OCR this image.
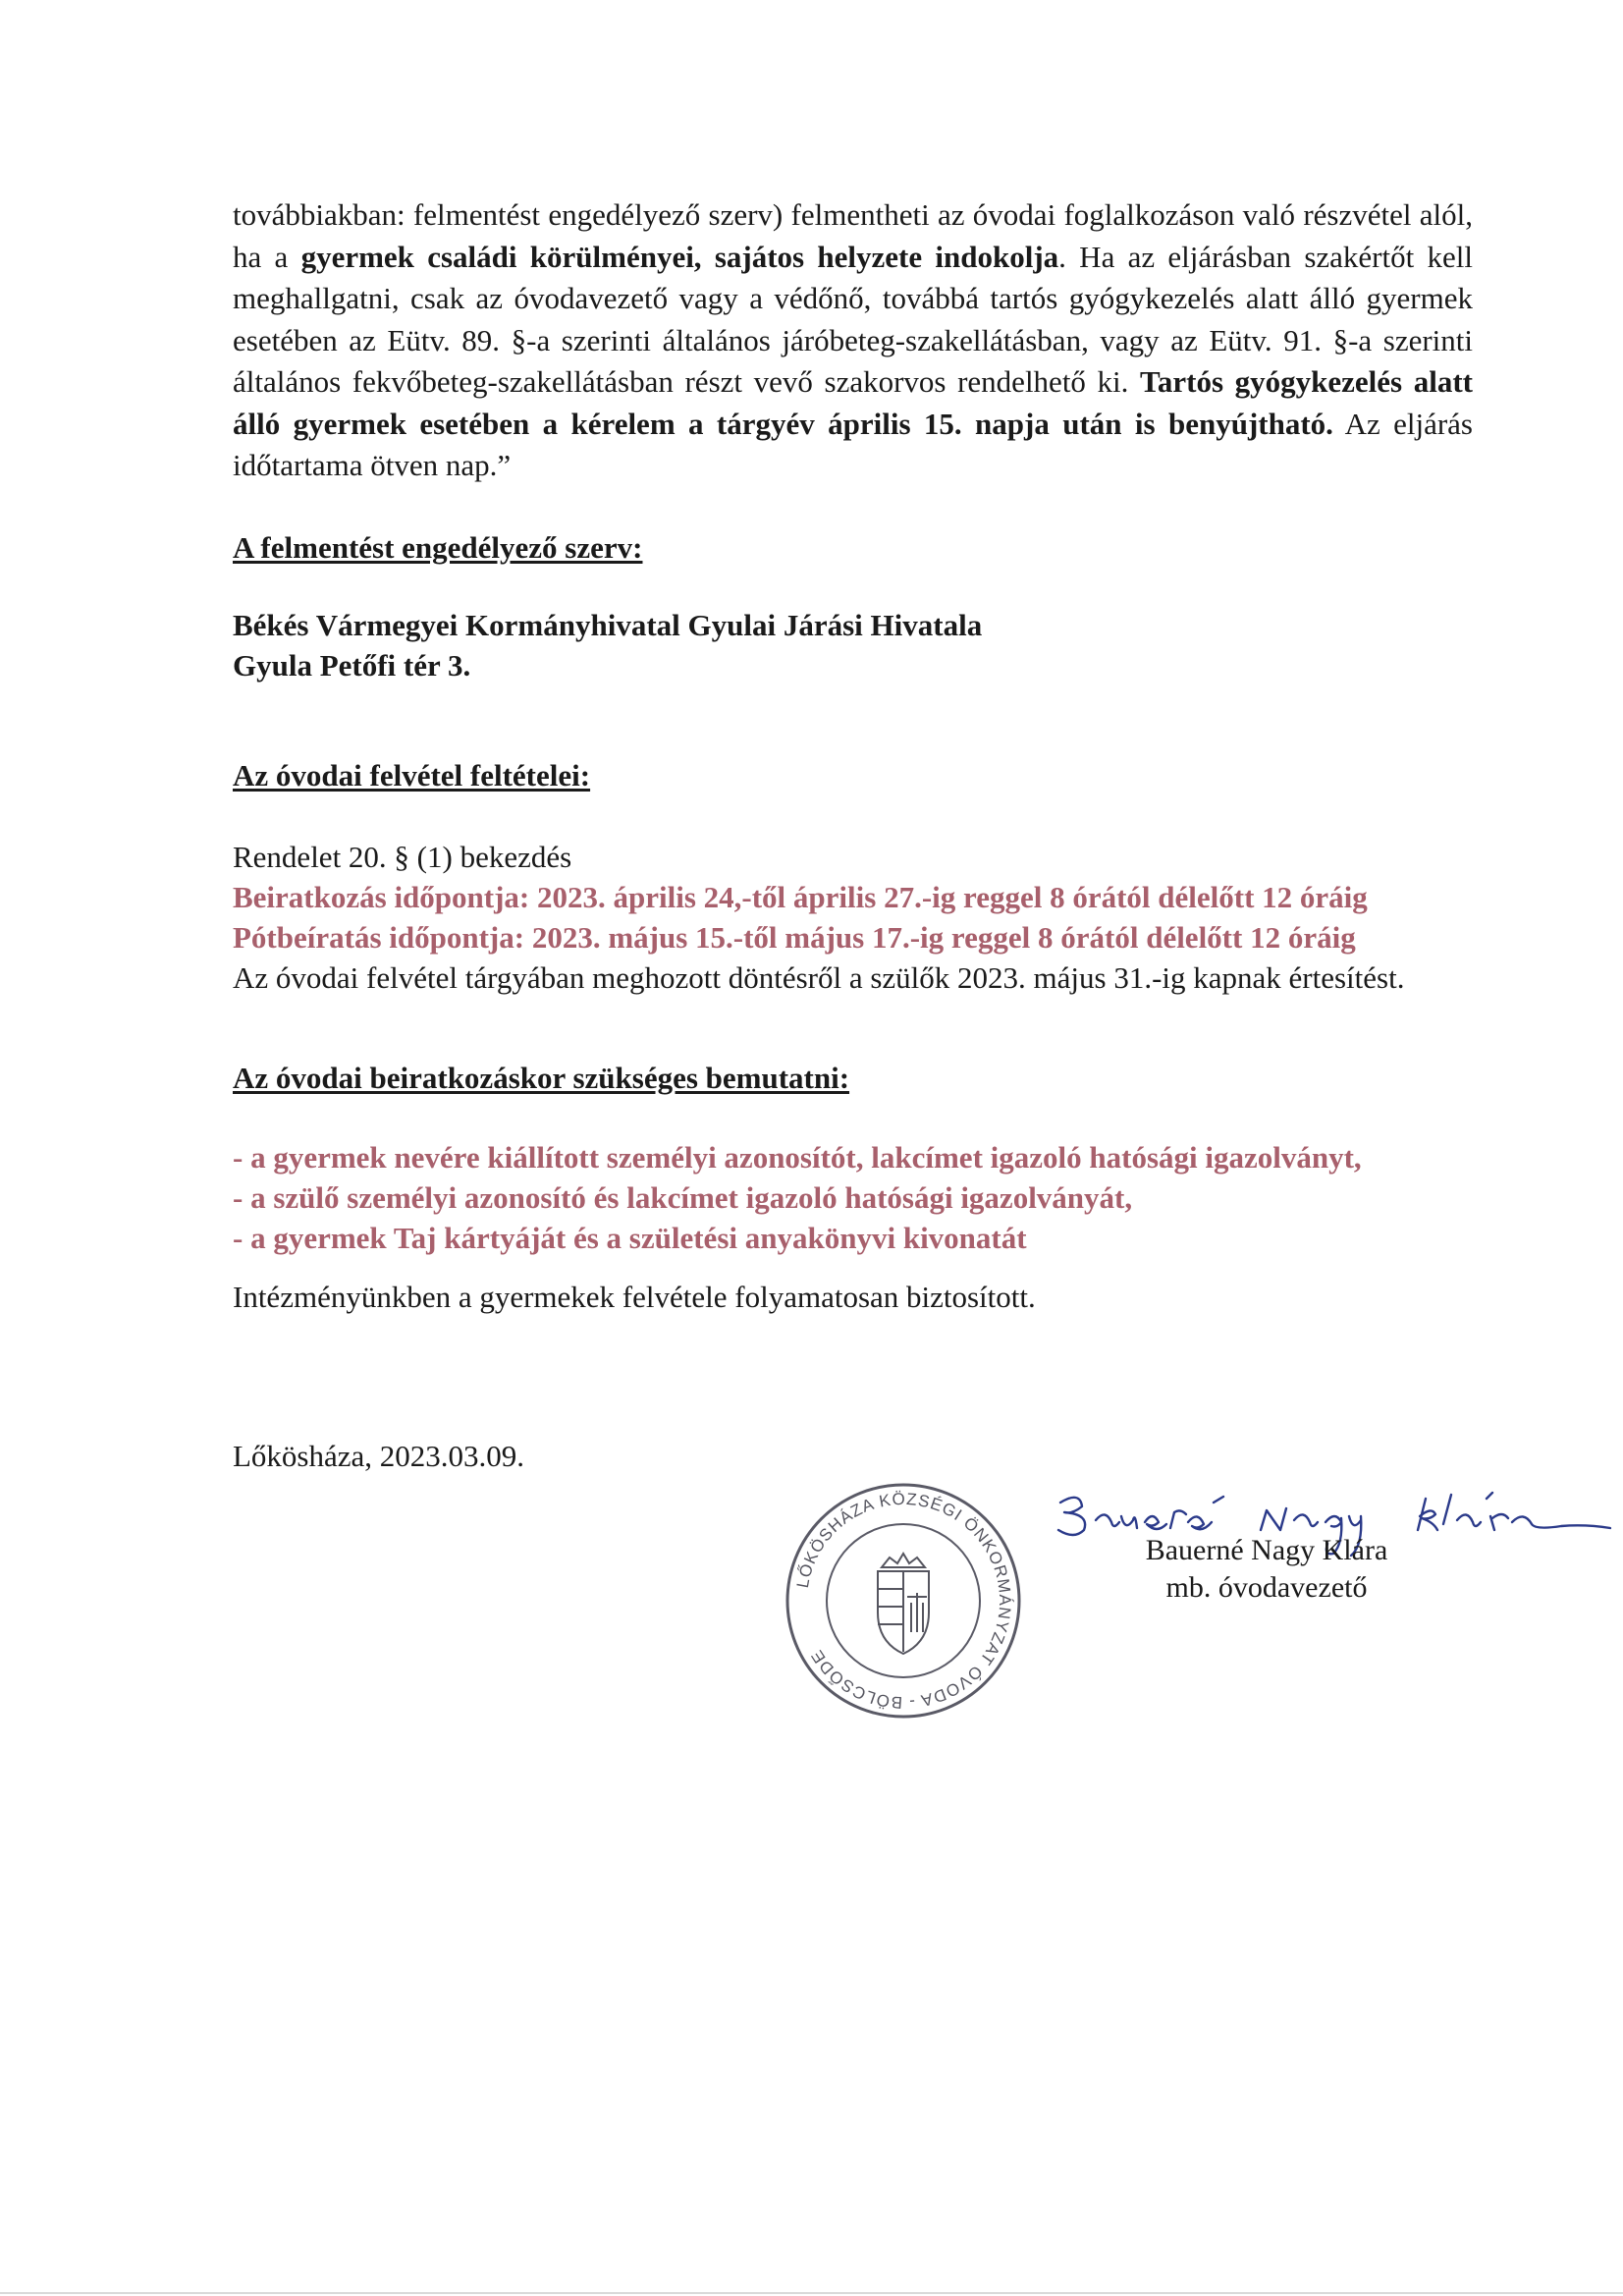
továbbiakban: felmentést engedélyező szerv) felmentheti az óvodai foglalkozáson való részvétel alól, ha a gyermek családi körülményei, sajátos helyzete indokolja. Ha az eljárásban szakértőt kell meghallgatni, csak az óvodavezető vagy a védőnő, továbbá tartós gyógykezelés alatt álló gyermek esetében az Eütv. 89. §-a szerinti általános járóbeteg-szakellátásban, vagy az Eütv. 91. §-a szerinti általános fekvőbeteg-szakellátásban részt vevő szakorvos rendelhető ki. Tartós gyógykezelés alatt álló gyermek esetében a kérelem a tárgyév április 15. napja után is benyújtható. Az eljárás időtartama ötven nap.”

A felmentést engedélyező szerv:

Békés Vármegyei Kormányhivatal Gyulai Járási Hivatala

Gyula Petőfi tér 3.

Az óvodai felvétel feltételei:

Rendelet 20. § (1) bekezdés

Beiratkozás időpontja: 2023. április 24,-től április 27.-ig reggel 8 órától délelőtt 12 óráig

Pótbeíratás időpontja: 2023. május 15.-től május 17.-ig reggel 8 órától délelőtt 12 óráig

Az óvodai felvétel tárgyában meghozott döntésről a szülők 2023. május 31.-ig kapnak értesítést.

Az óvodai beiratkozáskor szükséges bemutatni:

- a gyermek nevére kiállított személyi azonosítót, lakcímet igazoló hatósági igazolványt,

- a szülő személyi azonosító és lakcímet igazoló hatósági igazolványát,

- a gyermek Taj kártyáját és a születési anyakönyvi kivonatát

Intézményünkben a gyermekek felvétele folyamatosan biztosított.

Lőkösháza, 2023.03.09.

LŐKÖSHÁZA KÖZSÉGI ÖNKORMÁNYZAT ÓVODA - BÖLCSŐDE

Bauerné Nagy Klára

mb. óvodavezető
